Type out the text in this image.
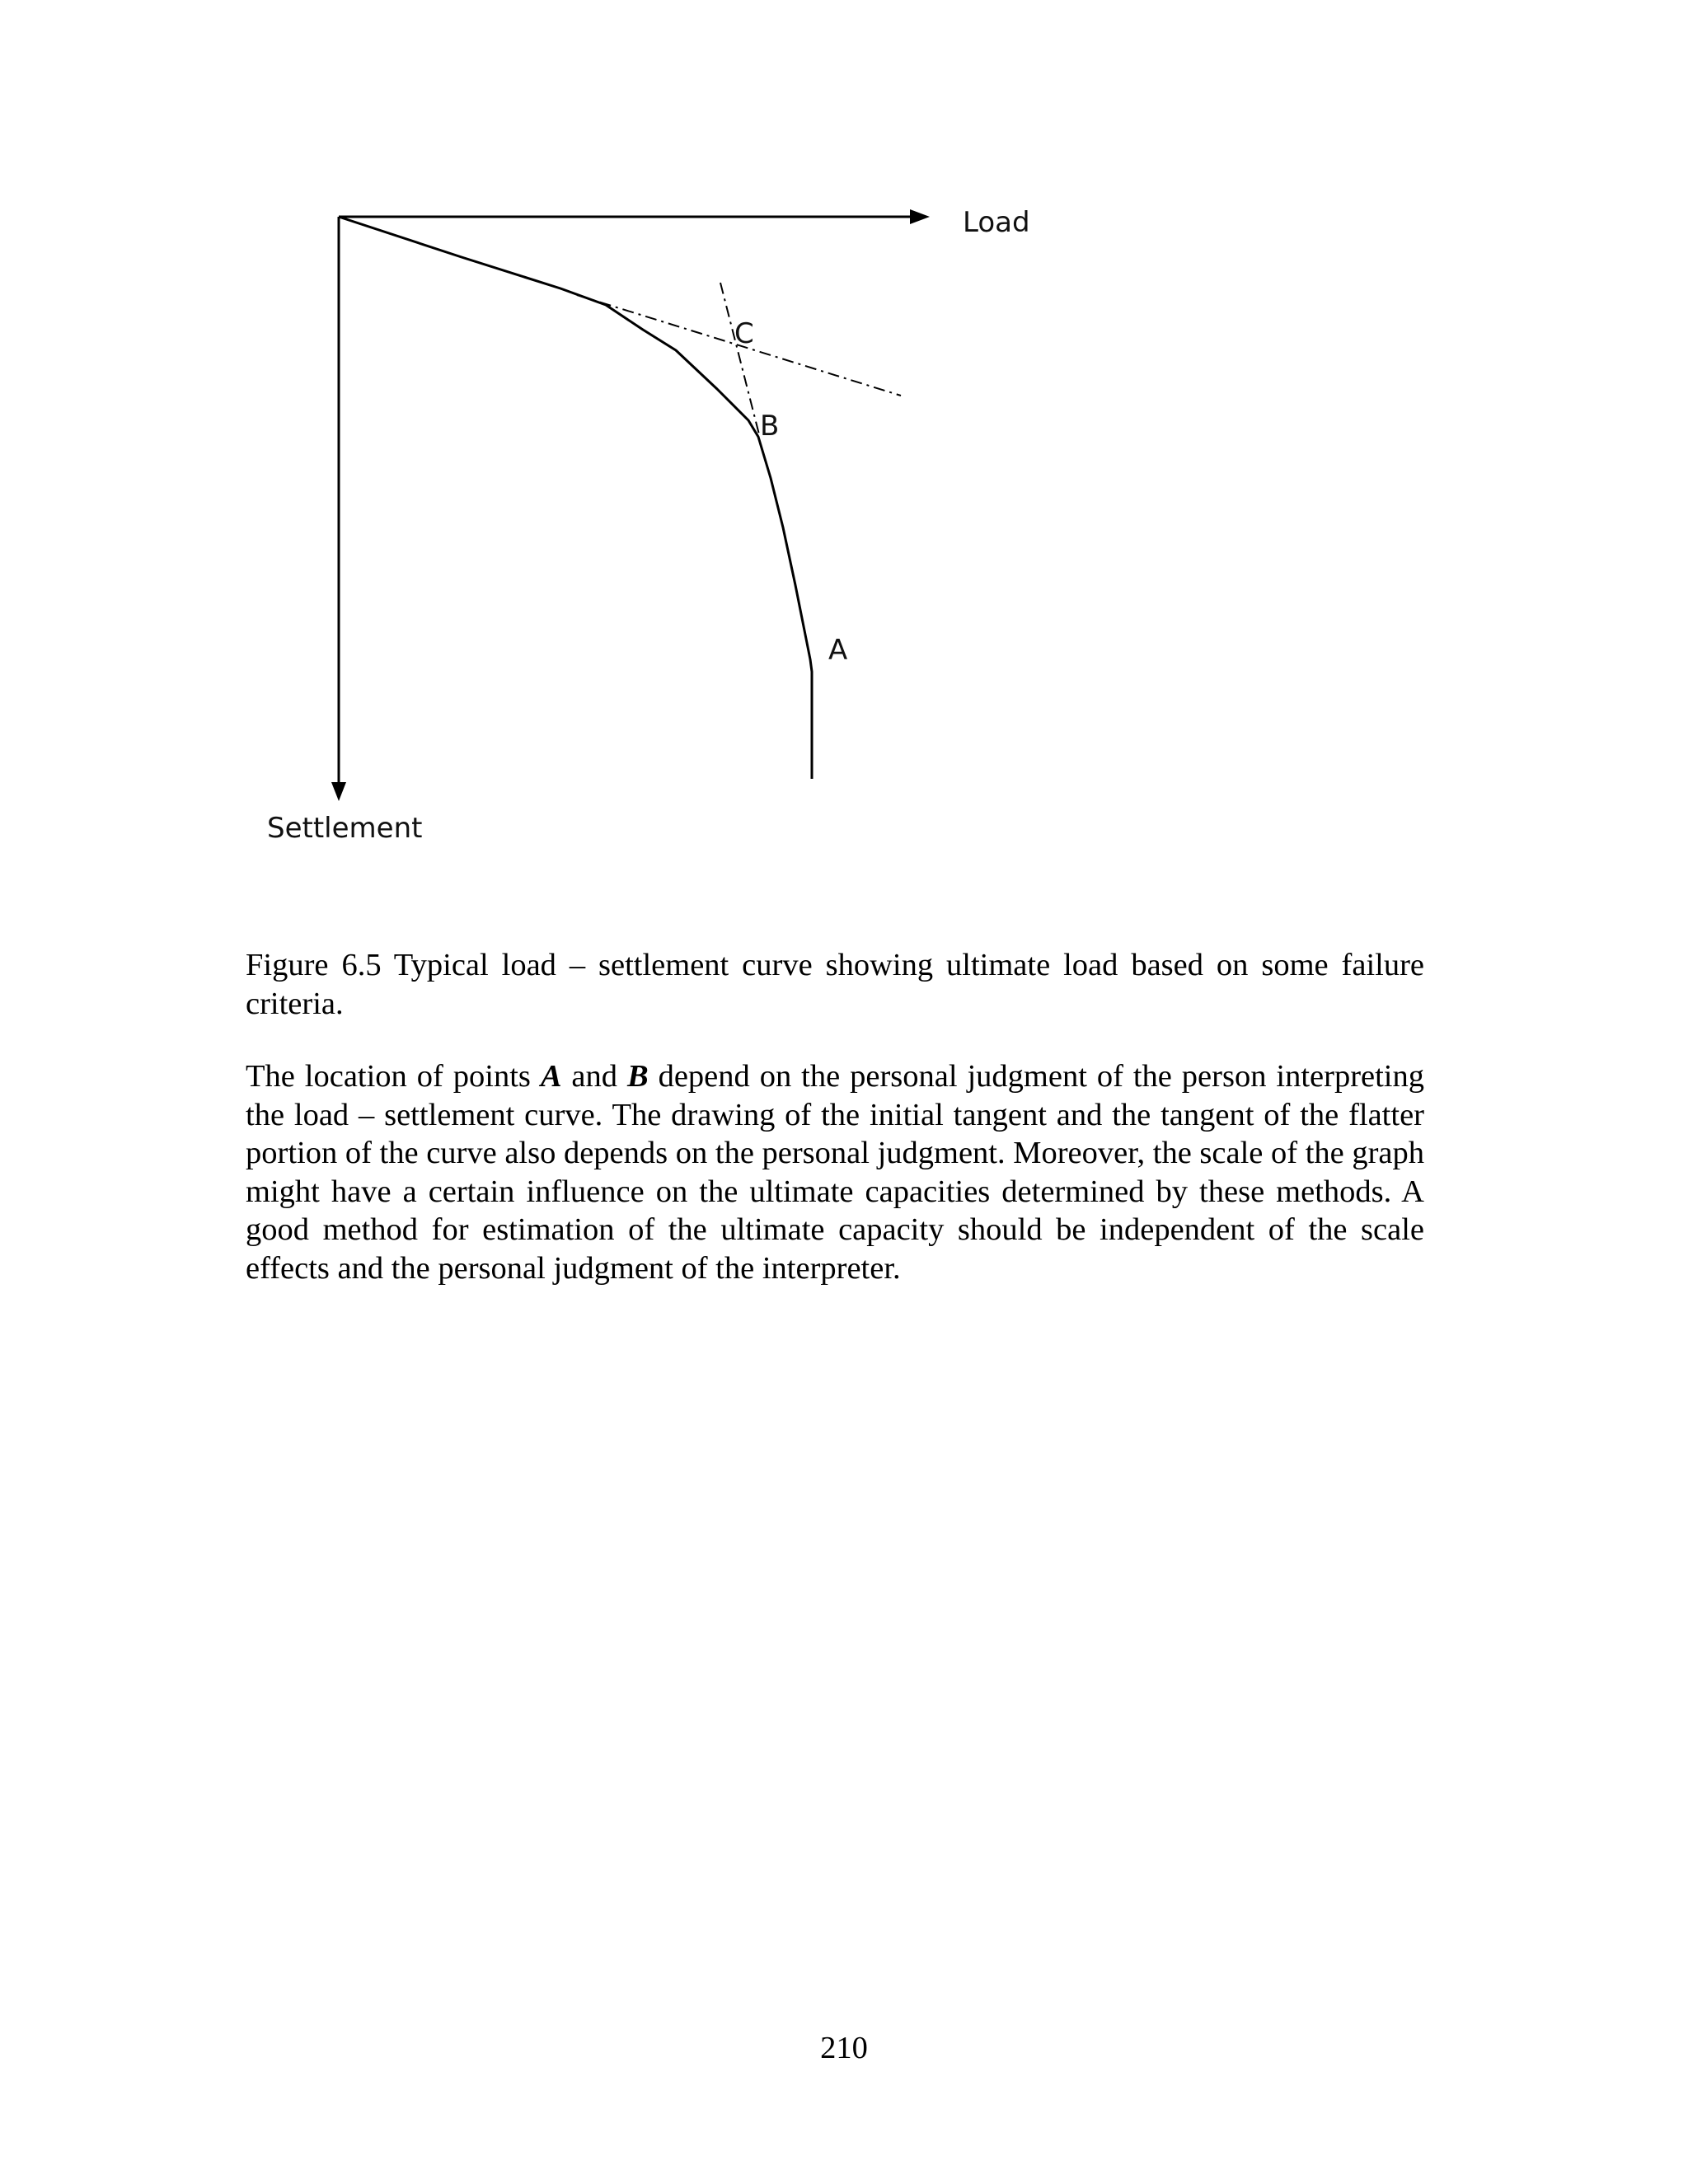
Load
Settlement
C
B
A

Figure 6.5 Typical load – settlement curve showing ultimate load based on some failure criteria.

The location of points A and B depend on the personal judgment of the person interpreting the load – settlement curve. The drawing of the initial tangent and the tangent of the flatter portion of the curve also depends on the personal judgment. Moreover, the scale of the graph might have a certain influence on the ultimate capacities determined by these methods. A good method for estimation of the ultimate capacity should be independent of the scale effects and the personal judgment of the interpreter.

210
